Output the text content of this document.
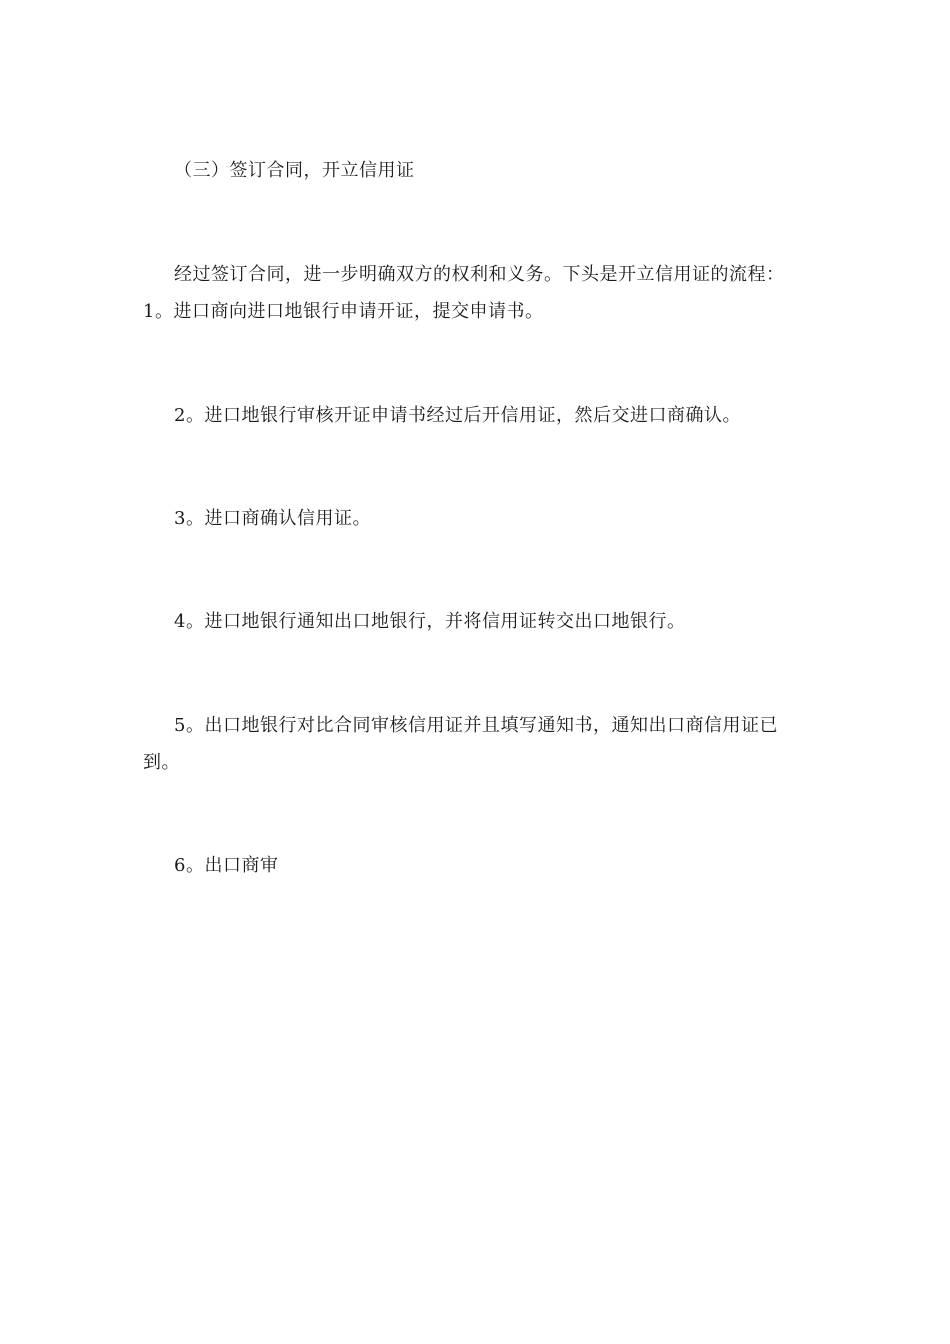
（三）签订合同，开立信用证
经过签订合同，进一步明确双方的权利和义务。下头是开立信用证的流程：
1。进口商向进口地银行申请开证，提交申请书。
2。进口地银行审核开证申请书经过后开信用证，然后交进口商确认。
3。进口商确认信用证。
4。进口地银行通知出口地银行，并将信用证转交出口地银行。
5。出口地银行对比合同审核信用证并且填写通知书，通知出口商信用证已
到。
6。出口商审
